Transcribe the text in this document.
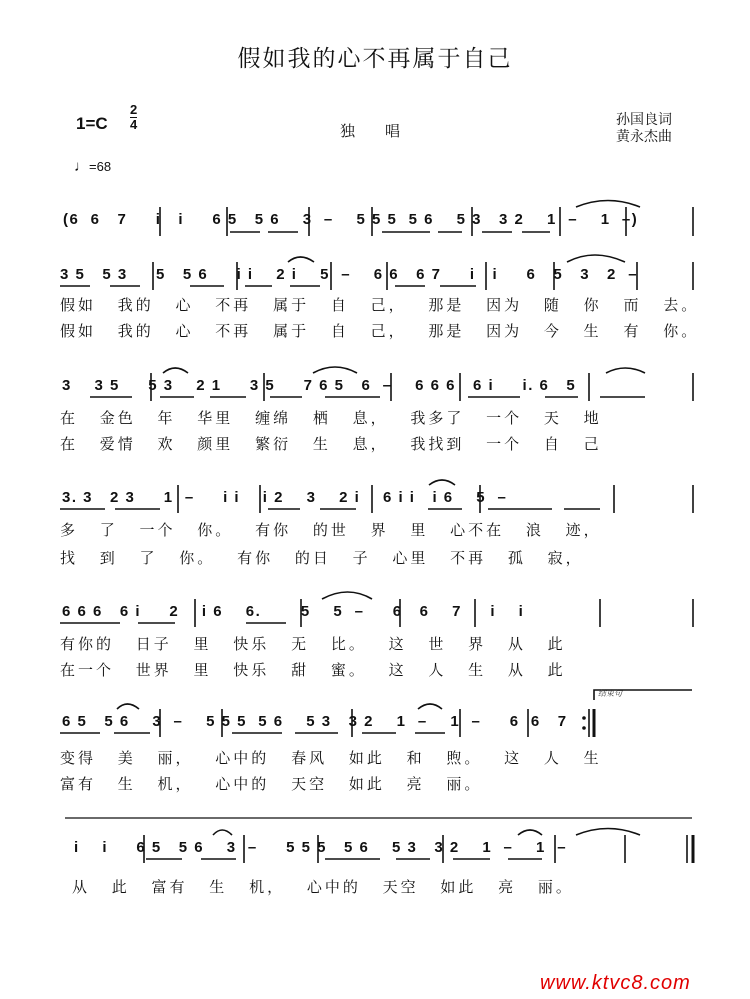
假如我的心不再属于自己
1=C
2
4	独唱
孙国良词
黄永杰曲
♩=68
(6  6   7     i   i     6 5   5 6    3  –    5 5 5  5 6    5 3   3 2    1  –    1  –)
3 5   5 3     5   5 6     i i    2 i    5  –    6 6   6 7     i   i     6   5   3   2  –
假如 我的 心 不再 属于 自 己， 那是 因为 随 你 而 去。
假如 我的 心 不再 属于 自 己， 那是 因为 今 生 有 你。
3    3 5     5 3    2 1     3 5     7 6 5   6  –    6 6 6   6 i     i. 6   5
在 金色 年 华里 缠绵 栖 息， 我多了 一个 天 地
在 爱情 欢 颜里 繁衍 生 息， 我找到 一个 自 己
3. 3   2 3     1  –     i i    i 2    3    2 i    6 i i   i 6    5  –
多 了 一个 你。 有你 的世 界 里 心不在 浪 迹，
找 到 了 你。 有你 的日 子 心里 不再 孤 寂，
6 6 6   6 i     2    i 6    6.       5    5  –     6   6    7     i    i
有你的 日子 里 快乐 无 比。 这 世 界 从 此
在一个 世界 里 快乐 甜 蜜。 这 人 生 从 此
结束句
6 5   5 6    3  –    5 5 5  5 6    5 3   3 2    1  –    1  –     6  6   7
变得 美 丽， 心中的 春风 如此 和 煦。 这 人 生
富有 生 机， 心中的 天空 如此 亮 丽。
i    i     6 5   5 6    3  –     5 5 5   5 6    5 3   3 2    1  –    1  –
从 此 富有 生 机， 心中的 天空 如此 亮 丽。
www.ktvc8.com
